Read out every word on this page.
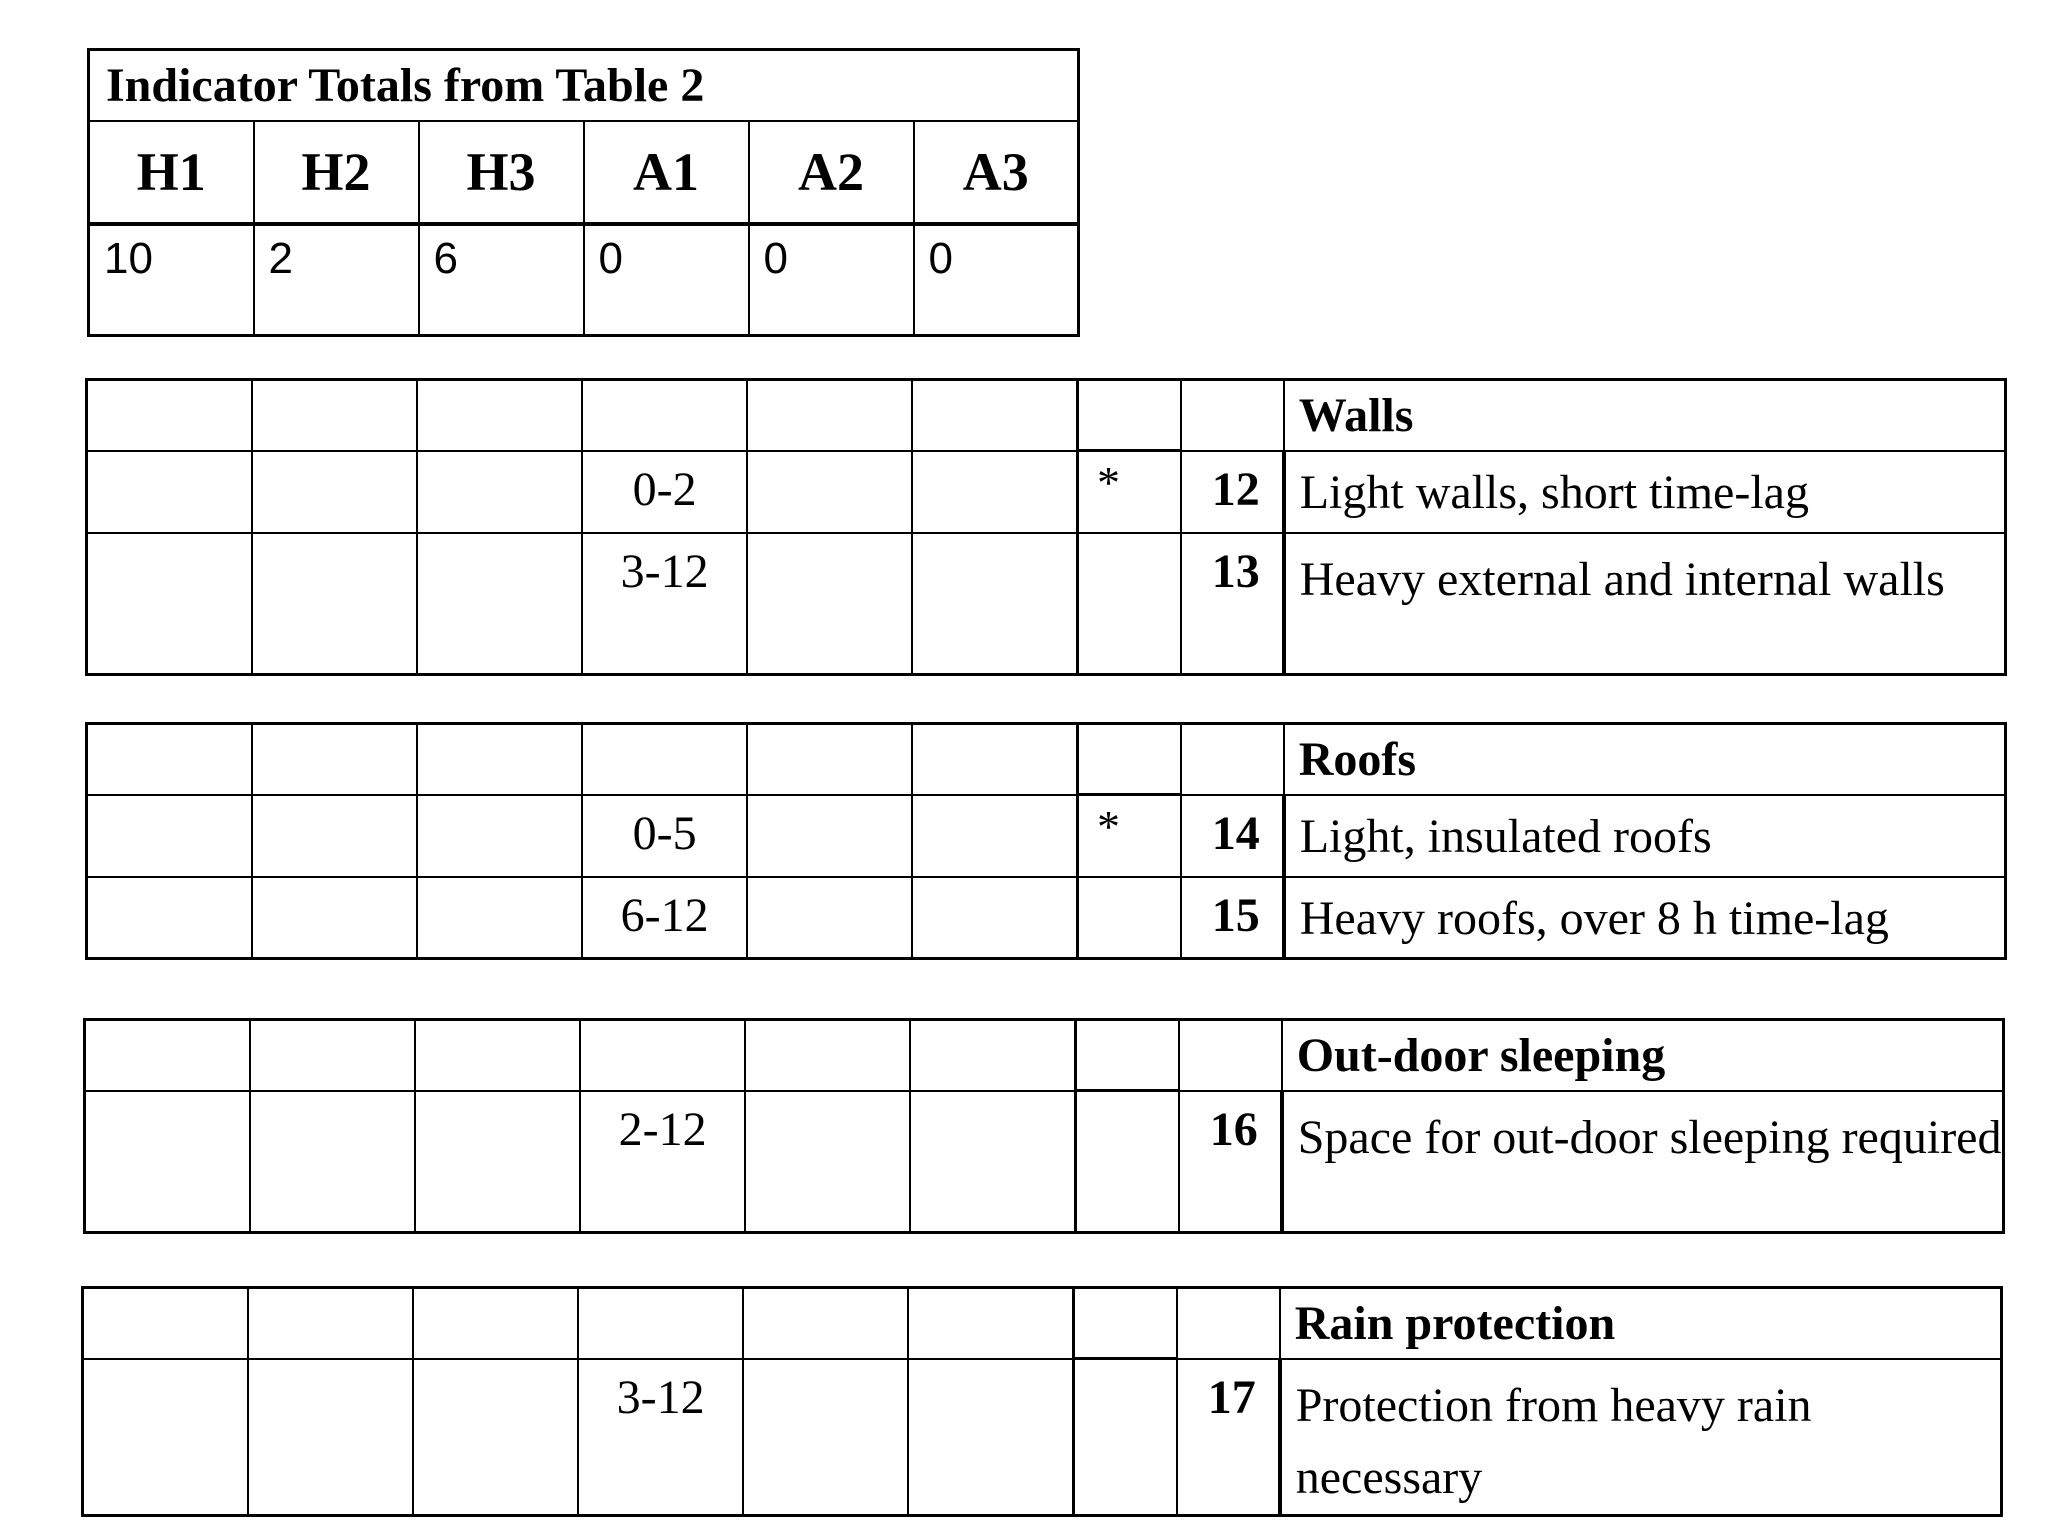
Indicator Totals from Table 2					
H1	H2	H3	A1	A2	A3
10	2	6	0	0	0
								Walls
			0-2			*	12	Light walls, short time-lag
			3-12				13	Heavy external and internal walls
								Roofs
			0-5			*	14	Light, insulated roofs
			6-12				15	Heavy roofs, over 8 h time-lag
								Out-door sleeping
			2-12				16	Space for out-door sleeping required
								Rain protection
			3-12				17	Protection from heavy rain necessary
